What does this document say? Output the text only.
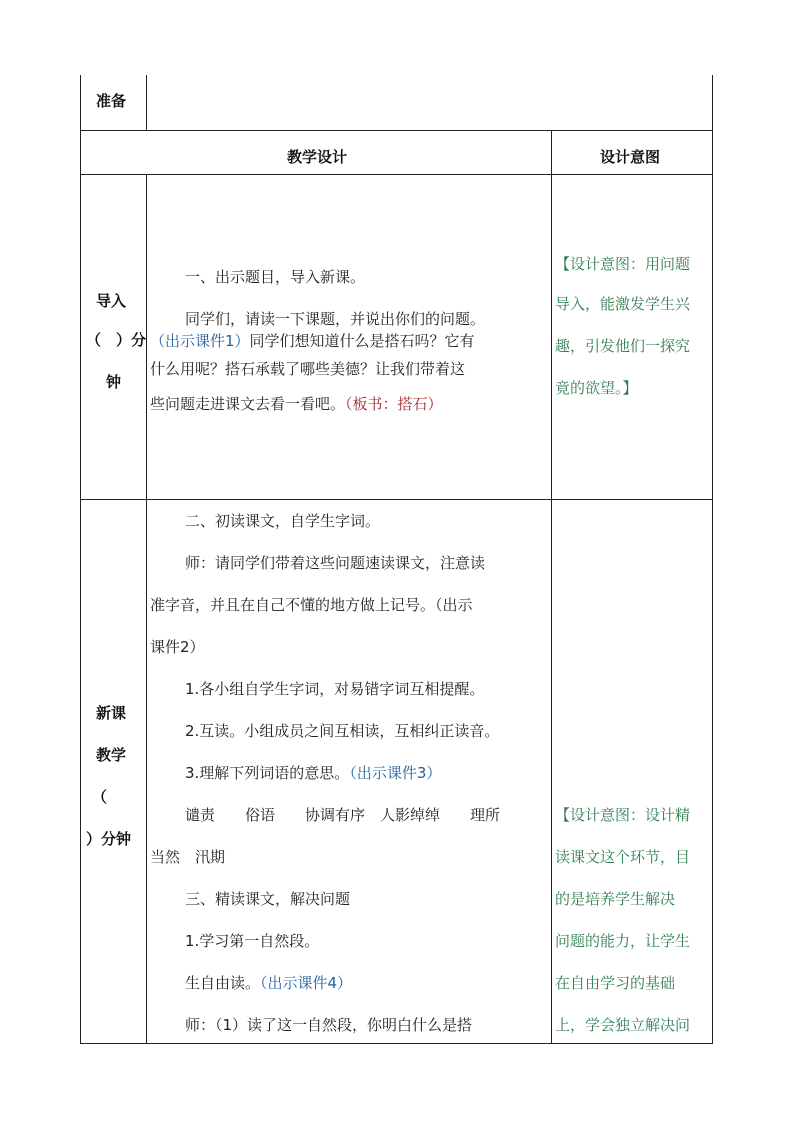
准备
教学设计	设计意图
导入
（ ）分
钟
一、出示题目，导入新课。
同学们，请读一下课题，并说出你们的问题。
（出示课件1）同学们想知道什么是搭石吗？它有
什么用呢？搭石承载了哪些美德？让我们带着这
些问题走进课文去看一看吧。（板书：搭石）
【设计意图：用问题
导入，能激发学生兴
趣，引发他们一探究
竟的欲望。】
新课
教学
（
）分钟
二、初读课文，自学生字词。
师：请同学们带着这些问题速读课文，注意读
准字音，并且在自己不懂的地方做上记号。（出示
课件2）
1.各小组自学生字词，对易错字词互相提醒。
2.互读。小组成员之间互相读，互相纠正读音。
3.理解下列词语的意思。（出示课件3）
谴责　　俗语　　协调有序　人影绰绰　　理所
当然　汛期
三、精读课文，解决问题
1.学习第一自然段。
生自由读。（出示课件4）
师：（1）读了这一自然段，你明白什么是搭
【设计意图：设计精
读课文这个环节，目
的是培养学生解决
问题的能力，让学生
在自由学习的基础
上，学会独立解决问
